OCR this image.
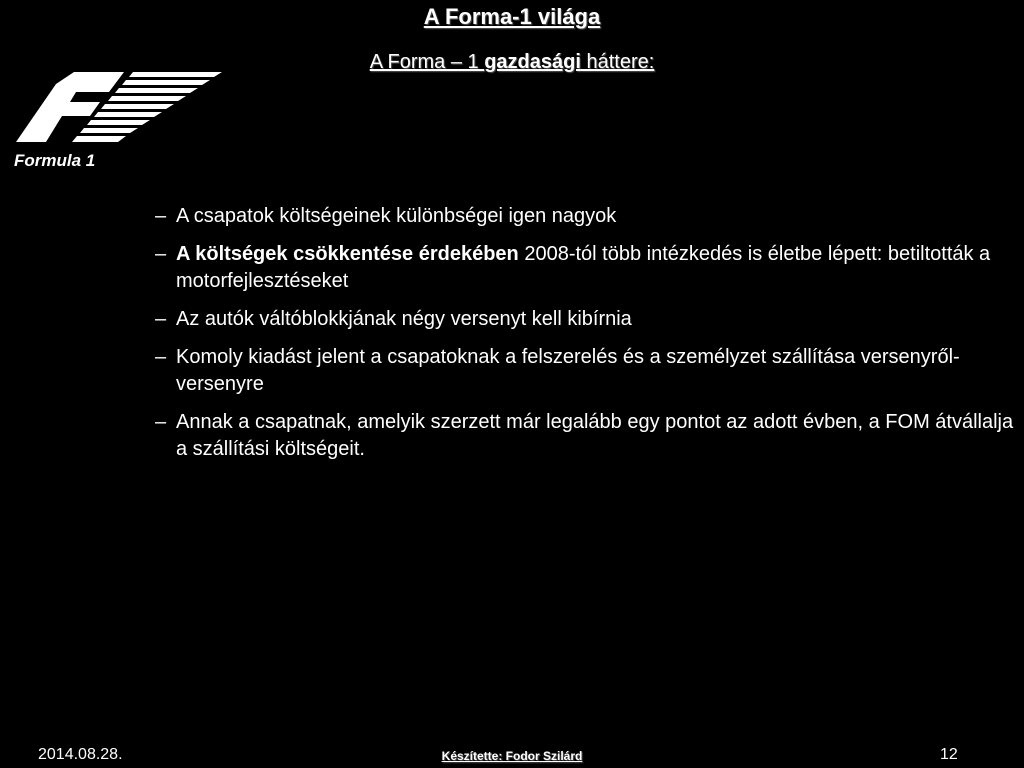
A Forma-1 világa
A Forma – 1 gazdasági háttere:
Formula 1
– A csapatok költségeinek különbségei igen nagyok
– A költségek csökkentése érdekében 2008-tól több intézkedés is életbe lépett: betiltották a motorfejlesztéseket
– Az autók váltóblokkjának négy versenyt kell kibírnia
– Komoly kiadást jelent a csapatoknak a felszerelés és a személyzet szállítása versenyről-versenyre
– Annak a csapatnak, amelyik szerzett már legalább egy pontot az adott évben, a FOM átvállalja a szállítási költségeit.
2014.08.28.	Készítette: Fodor Szilárd	12
